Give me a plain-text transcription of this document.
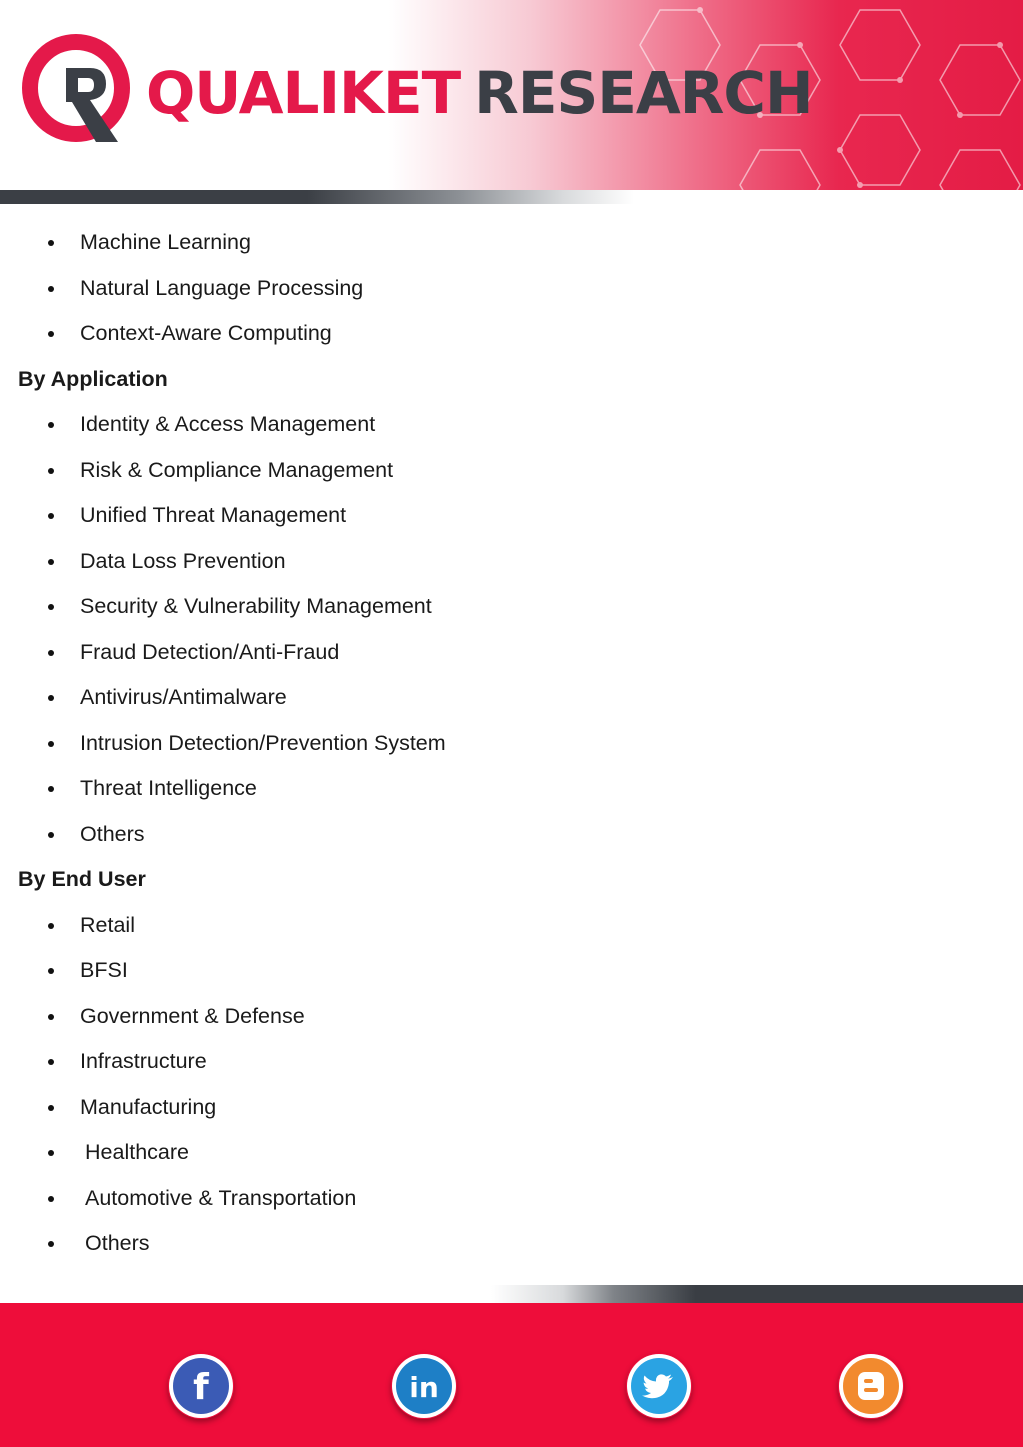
QUALIKET RESEARCH
Machine Learning
Natural Language Processing
Context-Aware Computing

By Application

Identity & Access Management
Risk & Compliance Management
Unified Threat Management
Data Loss Prevention
Security & Vulnerability Management
Fraud Detection/Anti-Fraud
Antivirus/Antimalware
Intrusion Detection/Prevention System
Threat Intelligence
Others

By End User

Retail
BFSI
Government & Defense
Infrastructure
Manufacturing
Healthcare
Automotive & Transportation
Others
f	in
